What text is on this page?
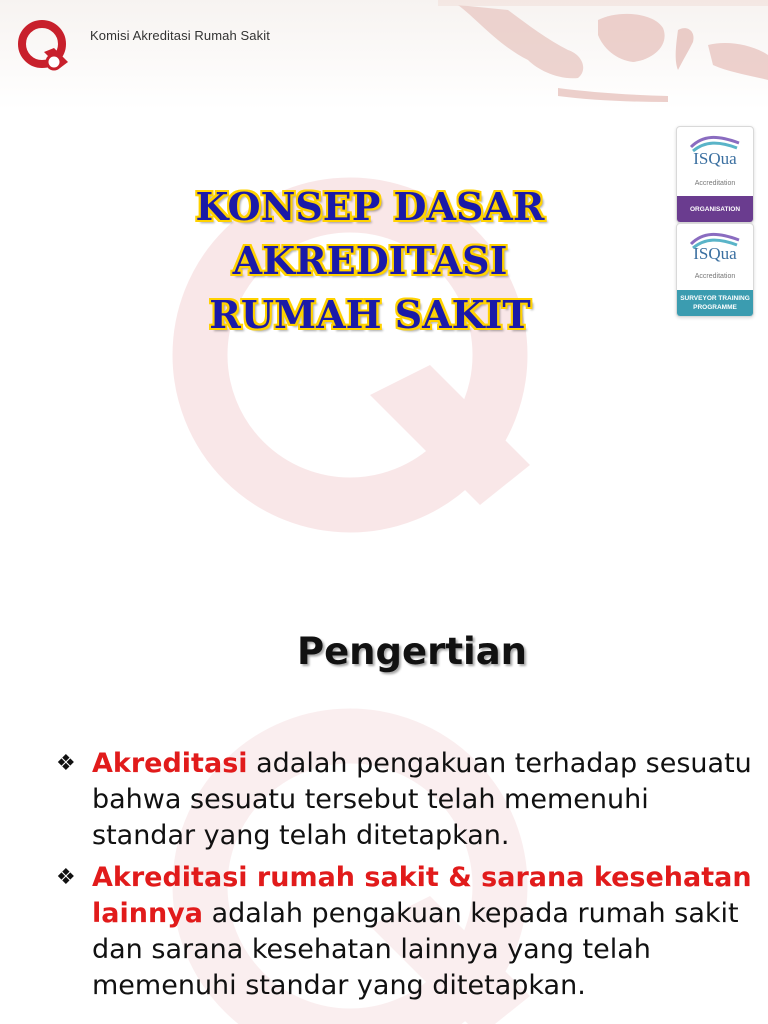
Komisi Akreditasi Rumah Sakit
KONSEP DASAR
AKREDITASI
RUMAH SAKIT
ISQua
Accreditation
ORGANISATION
ISQua
Accreditation
SURVEYOR TRAINING
PROGRAMME
Pengertian
❖ Akreditasi adalah pengakuan terhadap sesuatu bahwa sesuatu tersebut telah memenuhi standar yang telah ditetapkan.
❖ Akreditasi rumah sakit & sarana kesehatan lainnya adalah pengakuan kepada rumah sakit dan sarana kesehatan lainnya yang telah memenuhi standar yang ditetapkan.
